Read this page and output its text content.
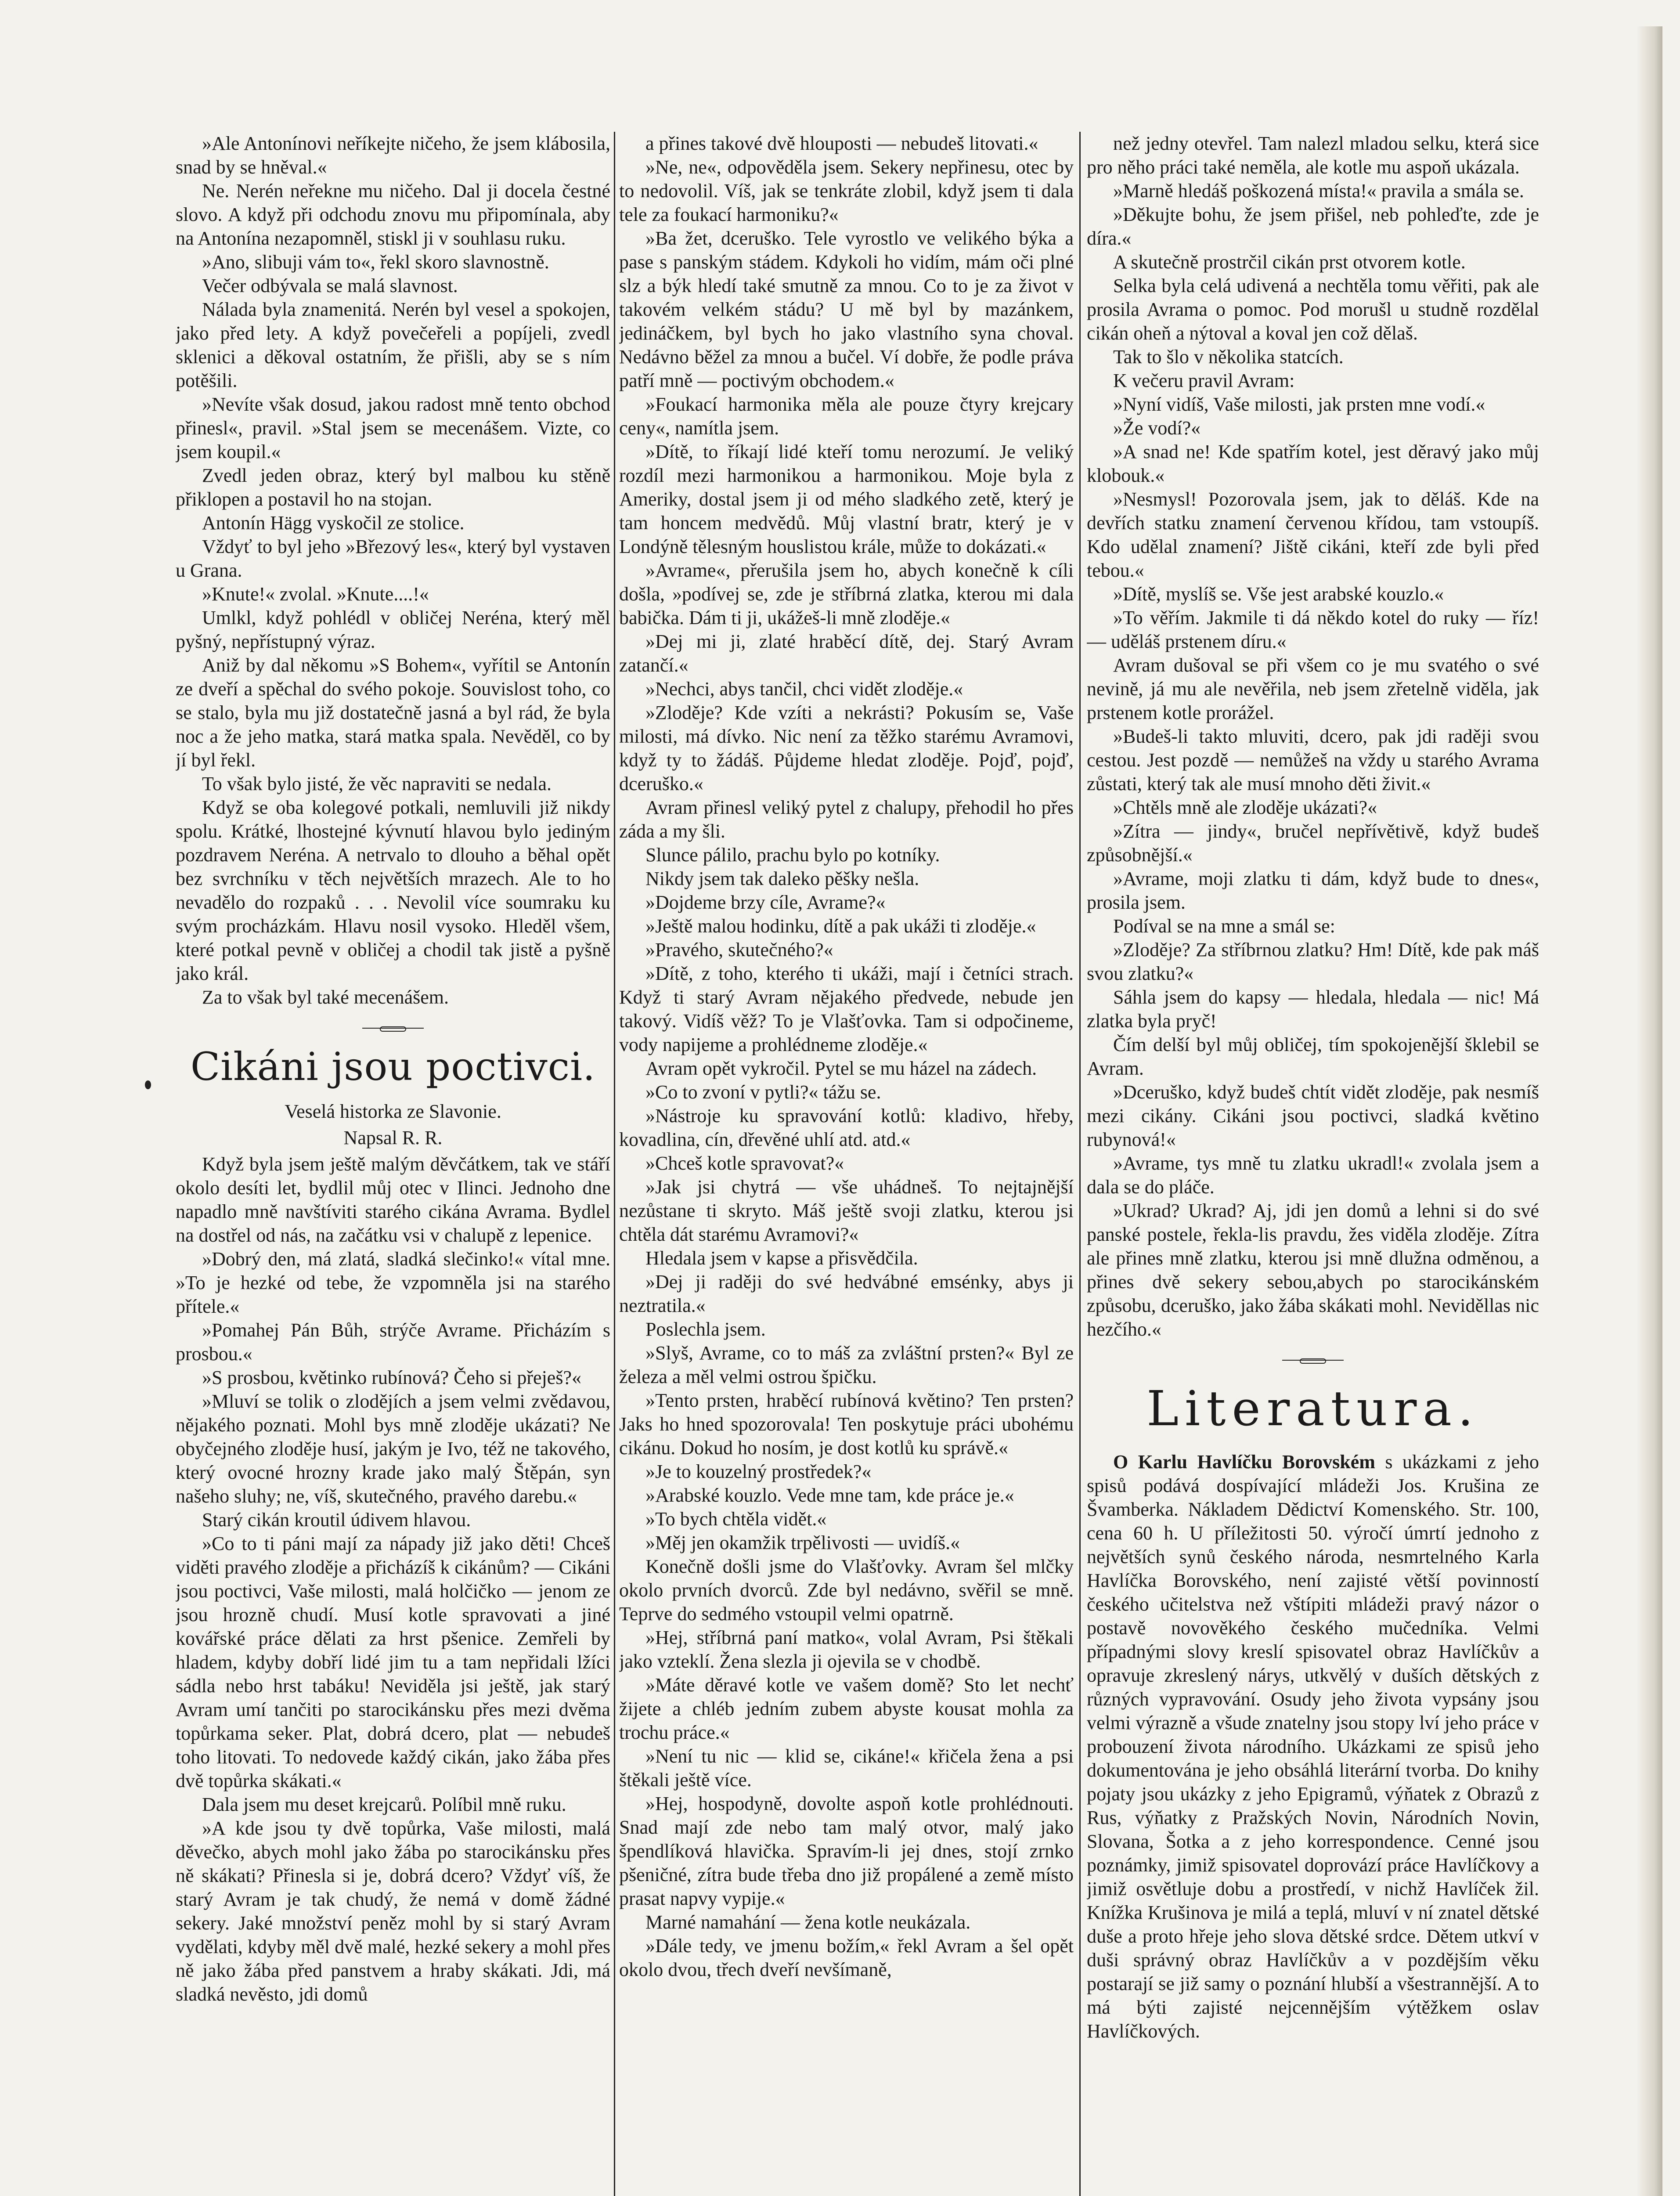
»Ale Antonínovi neříkejte ničeho, že jsem klábosila, snad by se hněval.«

Ne. Nerén neřekne mu ničeho. Dal ji docela čestné slovo. A když při odchodu znovu mu připomínala, aby na Antonína nezapomněl, stiskl ji v souhlasu ruku.

»Ano, slibuji vám to«, řekl skoro slavnostně.

Večer odbývala se malá slavnost.

Nálada byla znamenitá. Nerén byl vesel a spokojen, jako před lety. A když povečeřeli a popíjeli, zvedl sklenici a děkoval ostatním, že přišli, aby se s ním potěšili.

»Nevíte však dosud, jakou radost mně tento obchod přinesl«, pravil. »Stal jsem se mecenášem. Vizte, co jsem koupil.«

Zvedl jeden obraz, který byl malbou ku stěně přiklopen a postavil ho na stojan.

Antonín Hägg vyskočil ze stolice.

Vždyť to byl jeho »Březový les«, který byl vystaven u Grana.

»Knute!« zvolal. »Knute....!«

Umlkl, když pohlédl v obličej Neréna, který měl pyšný, nepřístupný výraz.

Aniž by dal někomu »S Bohem«, vyřítil se Antonín ze dveří a spěchal do svého pokoje. Souvislost toho, co se stalo, byla mu již dostatečně jasná a byl rád, že byla noc a že jeho matka, stará matka spala. Nevěděl, co by jí byl řekl.

To však bylo jisté, že věc napraviti se nedala.

Když se oba kolegové potkali, nemluvili již nikdy spolu. Krátké, lhostejné kývnutí hlavou bylo jediným pozdravem Neréna. A netrvalo to dlouho a běhal opět bez svrchníku v těch největších mrazech. Ale to ho nevadělo do rozpaků . . . Nevolil více soumraku ku svým procházkám. Hlavu nosil vysoko. Hleděl všem, které potkal pevně v obličej a chodil tak jistě a pyšně jako král.

Za to však byl také mecenášem.

Cikáni jsou poctivci.

Veselá historka ze Slavonie.

Napsal R. R.

Když byla jsem ještě malým děvčátkem, tak ve stáří okolo desíti let, bydlil můj otec v Ilinci. Jednoho dne napadlo mně navštíviti starého cikána Avrama. Bydlel na dostřel od nás, na začátku vsi v chalupě z lepenice.

»Dobrý den, má zlatá, sladká slečinko!« vítal mne. »To je hezké od tebe, že vzpomněla jsi na starého přítele.«

»Pomahej Pán Bůh, strýče Avrame. Přicházím s prosbou.«

»S prosbou, květinko rubínová? Čeho si přeješ?«

»Mluví se tolik o zlodějích a jsem velmi zvědavou, nějakého poznati. Mohl bys mně zloděje ukázati? Ne obyčejného zloděje husí, jakým je Ivo, též ne takového, který ovocné hrozny krade jako malý Štěpán, syn našeho sluhy; ne, víš, skutečného, pravého darebu.«

Starý cikán kroutil údivem hlavou.

»Co to ti páni mají za nápady již jako děti! Chceš viděti pravého zloděje a přicházíš k cikánům? — Cikáni jsou poctivci, Vaše milosti, malá holčičko — jenom ze jsou hrozně chudí. Musí kotle spravovati a jiné kovářské práce dělati za hrst pšenice. Zemřeli by hladem, kdyby dobří lidé jim tu a tam nepřidali lžíci sádla nebo hrst tabáku! Neviděla jsi ještě, jak starý Avram umí tančiti po starocikánsku přes mezi dvěma topůrkama seker. Plat, dobrá dcero, plat — nebudeš toho litovati. To nedovede každý cikán, jako žába přes dvě topůrka skákati.«

Dala jsem mu deset krejcarů. Políbil mně ruku.

»A kde jsou ty dvě topůrka, Vaše milosti, malá děvečko, abych mohl jako žába po starocikánsku přes ně skákati? Přinesla si je, dobrá dcero? Vždyť víš, že starý Avram je tak chudý, že nemá v domě žádné sekery. Jaké množství peněz mohl by si starý Avram vydělati, kdyby měl dvě malé, hezké sekery a mohl přes ně jako žába před panstvem a hraby skákati. Jdi, má sladká nevěsto, jdi domů

a přines takové dvě hlouposti — nebudeš litovati.«

»Ne, ne«, odpověděla jsem. Sekery nepřinesu, otec by to nedovolil. Víš, jak se tenkráte zlobil, když jsem ti dala tele za foukací harmoniku?«

»Ba žet, dceruško. Tele vyrostlo ve velikého býka a pase s panským stádem. Kdykoli ho vidím, mám oči plné slz a býk hledí také smutně za mnou. Co to je za život v takovém velkém stádu? U mě byl by mazánkem, jedináčkem, byl bych ho jako vlastního syna choval. Nedávno běžel za mnou a bučel. Ví dobře, že podle práva patří mně — poctivým obchodem.«

»Foukací harmonika měla ale pouze čtyry krejcary ceny«, namítla jsem.

»Dítě, to říkají lidé kteří tomu nerozumí. Je veliký rozdíl mezi harmonikou a harmonikou. Moje byla z Ameriky, dostal jsem ji od mého sladkého zetě, který je tam honcem medvědů. Můj vlastní bratr, který je v Londýně tělesným houslistou krále, může to dokázati.«

»Avrame«, přerušila jsem ho, abych konečně k cíli došla, »podívej se, zde je stříbrná zlatka, kterou mi dala babička. Dám ti ji, ukážeš-li mně zloděje.«

»Dej mi ji, zlaté hraběcí dítě, dej. Starý Avram zatančí.«

»Nechci, abys tančil, chci vidět zloděje.«

»Zloděje? Kde vzíti a nekrásti? Pokusím se, Vaše milosti, má dívko. Nic není za těžko starému Avramovi, když ty to žádáš. Půjdeme hledat zloděje. Pojď, pojď, dceruško.«

Avram přinesl veliký pytel z chalupy, přehodil ho přes záda a my šli.

Slunce pálilo, prachu bylo po kotníky.

Nikdy jsem tak daleko pěšky nešla.

»Dojdeme brzy cíle, Avrame?«

»Ještě malou hodinku, dítě a pak ukáži ti zloděje.«

»Pravého, skutečného?«

»Dítě, z toho, kterého ti ukáži, mají i četníci strach. Když ti starý Avram nějakého předvede, nebude jen takový. Vidíš věž? To je Vlašťovka. Tam si odpočineme, vody napijeme a prohlédneme zloděje.«

Avram opět vykročil. Pytel se mu házel na zádech.

»Co to zvoní v pytli?« tážu se.

»Nástroje ku spravování kotlů: kladivo, hřeby, kovadlina, cín, dřevěné uhlí atd. atd.«

»Chceš kotle spravovat?«

»Jak jsi chytrá — vše uhádneš. To nejtajnější nezůstane ti skryto. Máš ještě svoji zlatku, kterou jsi chtěla dát starému Avramovi?«

Hledala jsem v kapse a přisvědčila.

»Dej ji raději do své hedvábné emsénky, abys ji neztratila.«

Poslechla jsem.

»Slyš, Avrame, co to máš za zvláštní prsten?« Byl ze železa a měl velmi ostrou špičku.

»Tento prsten, hraběcí rubínová květino? Ten prsten? Jaks ho hned spozorovala! Ten poskytuje práci ubohému cikánu. Dokud ho nosím, je dost kotlů ku správě.«

»Je to kouzelný prostředek?«

»Arabské kouzlo. Vede mne tam, kde práce je.«

»To bych chtěla vidět.«

»Měj jen okamžik trpělivosti — uvidíš.«

Konečně došli jsme do Vlašťovky. Avram šel mlčky okolo prvních dvorců. Zde byl nedávno, svěřil se mně. Teprve do sedmého vstoupil velmi opatrně.

»Hej, stříbrná paní matko«, volal Avram, Psi štěkali jako vzteklí. Žena slezla ji ojevila se v chodbě.

»Máte děravé kotle ve vašem domě? Sto let nechť žijete a chléb jedním zubem abyste kousat mohla za trochu práce.«

»Není tu nic — klid se, cikáne!« křičela žena a psi štěkali ještě více.

»Hej, hospodyně, dovolte aspoň kotle prohlédnouti. Snad mají zde nebo tam malý otvor, malý jako špendlíková hlavička. Spravím-li jej dnes, stojí zrnko pšeničné, zítra bude třeba dno již propálené a země místo prasat napvy vypije.«

Marné namahání — žena kotle neukázala.

»Dále tedy, ve jmenu božím,« řekl Avram a šel opět okolo dvou, třech dveří nevšímaně,

než jedny otevřel. Tam nalezl mladou selku, která sice pro něho práci také neměla, ale kotle mu aspoň ukázala.

»Marně hledáš poškozená místa!« pravila a smála se.

»Děkujte bohu, že jsem přišel, neb pohleďte, zde je díra.«

A skutečně prostrčil cikán prst otvorem kotle.

Selka byla celá udivená a nechtěla tomu věřiti, pak ale prosila Avrama o pomoc. Pod morušl u studně rozdělal cikán oheň a nýtoval a koval jen což dělaš.

Tak to šlo v několika statcích.

K večeru pravil Avram:

»Nyní vidíš, Vaše milosti, jak prsten mne vodí.«

»Že vodí?«

»A snad ne! Kde spatřím kotel, jest děravý jako můj klobouk.«

»Nesmysl! Pozorovala jsem, jak to děláš. Kde na devřích statku znamení červenou křídou, tam vstoupíš. Kdo udělal znamení? Jiště cikáni, kteří zde byli před tebou.«

»Dítě, myslíš se. Vše jest arabské kouzlo.«

»To věřím. Jakmile ti dá někdo kotel do ruky — říz! — uděláš prstenem díru.«

Avram dušoval se při všem co je mu svatého o své nevině, já mu ale nevěřila, neb jsem zřetelně viděla, jak prstenem kotle prorážel.

»Budeš-li takto mluviti, dcero, pak jdi raději svou cestou. Jest pozdě — nemůžeš na vždy u starého Avrama zůstati, který tak ale musí mnoho děti živit.«

»Chtěls mně ale zloděje ukázati?«

»Zítra — jindy«, bručel nepřívětivě, když budeš způsobnější.«

»Avrame, moji zlatku ti dám, když bude to dnes«, prosila jsem.

Podíval se na mne a smál se:

»Zloděje? Za stříbrnou zlatku? Hm! Dítě, kde pak máš svou zlatku?«

Sáhla jsem do kapsy — hledala, hledala — nic! Má zlatka byla pryč!

Čím delší byl můj obličej, tím spokojenější šklebil se Avram.

»Dceruško, když budeš chtít vidět zloděje, pak nesmíš mezi cikány. Cikáni jsou poctivci, sladká květino rubynová!«

»Avrame, tys mně tu zlatku ukradl!« zvolala jsem a dala se do pláče.

»Ukrad? Ukrad? Aj, jdi jen domů a lehni si do své panské postele, řekla-lis pravdu, žes viděla zloděje. Zítra ale přines mně zlatku, kterou jsi mně dlužna odměnou, a přines dvě sekery sebou,abych po starocikánském způsobu, dceruško, jako žába skákati mohl. Neviděllas nic hezčího.«

Literatura.

O Karlu Havlíčku Borovském s ukázkami z jeho spisů podává dospívající mládeži Jos. Krušina ze Švamberka. Nákladem Dědictví Komenského. Str. 100, cena 60 h. U příležitosti 50. výročí úmrtí jednoho z největších synů českého národa, nesmrtelného Karla Havlíčka Borovského, není zajisté větší povinností českého učitelstva než vštípiti mládeži pravý názor o postavě novověkého českého mučedníka. Velmi případnými slovy kreslí spisovatel obraz Havlíčkův a opravuje zkreslený nárys, utkvělý v duších dětských z různých vypravování. Osudy jeho života vypsány jsou velmi výrazně a všude znatelny jsou stopy lví jeho práce v probouzení života národního. Ukázkami ze spisů jeho dokumentována je jeho obsáhlá literární tvorba. Do knihy pojaty jsou ukázky z jeho Epigramů, výňatek z Obrazů z Rus, výňatky z Pražských Novin, Národních Novin, Slovana, Šotka a z jeho korrespondence. Cenné jsou poznámky, jimiž spisovatel doprovází práce Havlíčkovy a jimiž osvětluje dobu a prostředí, v nichž Havlíček žil. Knížka Krušinova je milá a teplá, mluví v ní znatel dětské duše a proto hřeje jeho slova dětské srdce. Dětem utkví v duši správný obraz Havlíčkův a v pozdějším věku postarají se již samy o poznání hlubší a všestrannější. A to má býti zajisté nejcennějším výtěžkem oslav Havlíčkových.
